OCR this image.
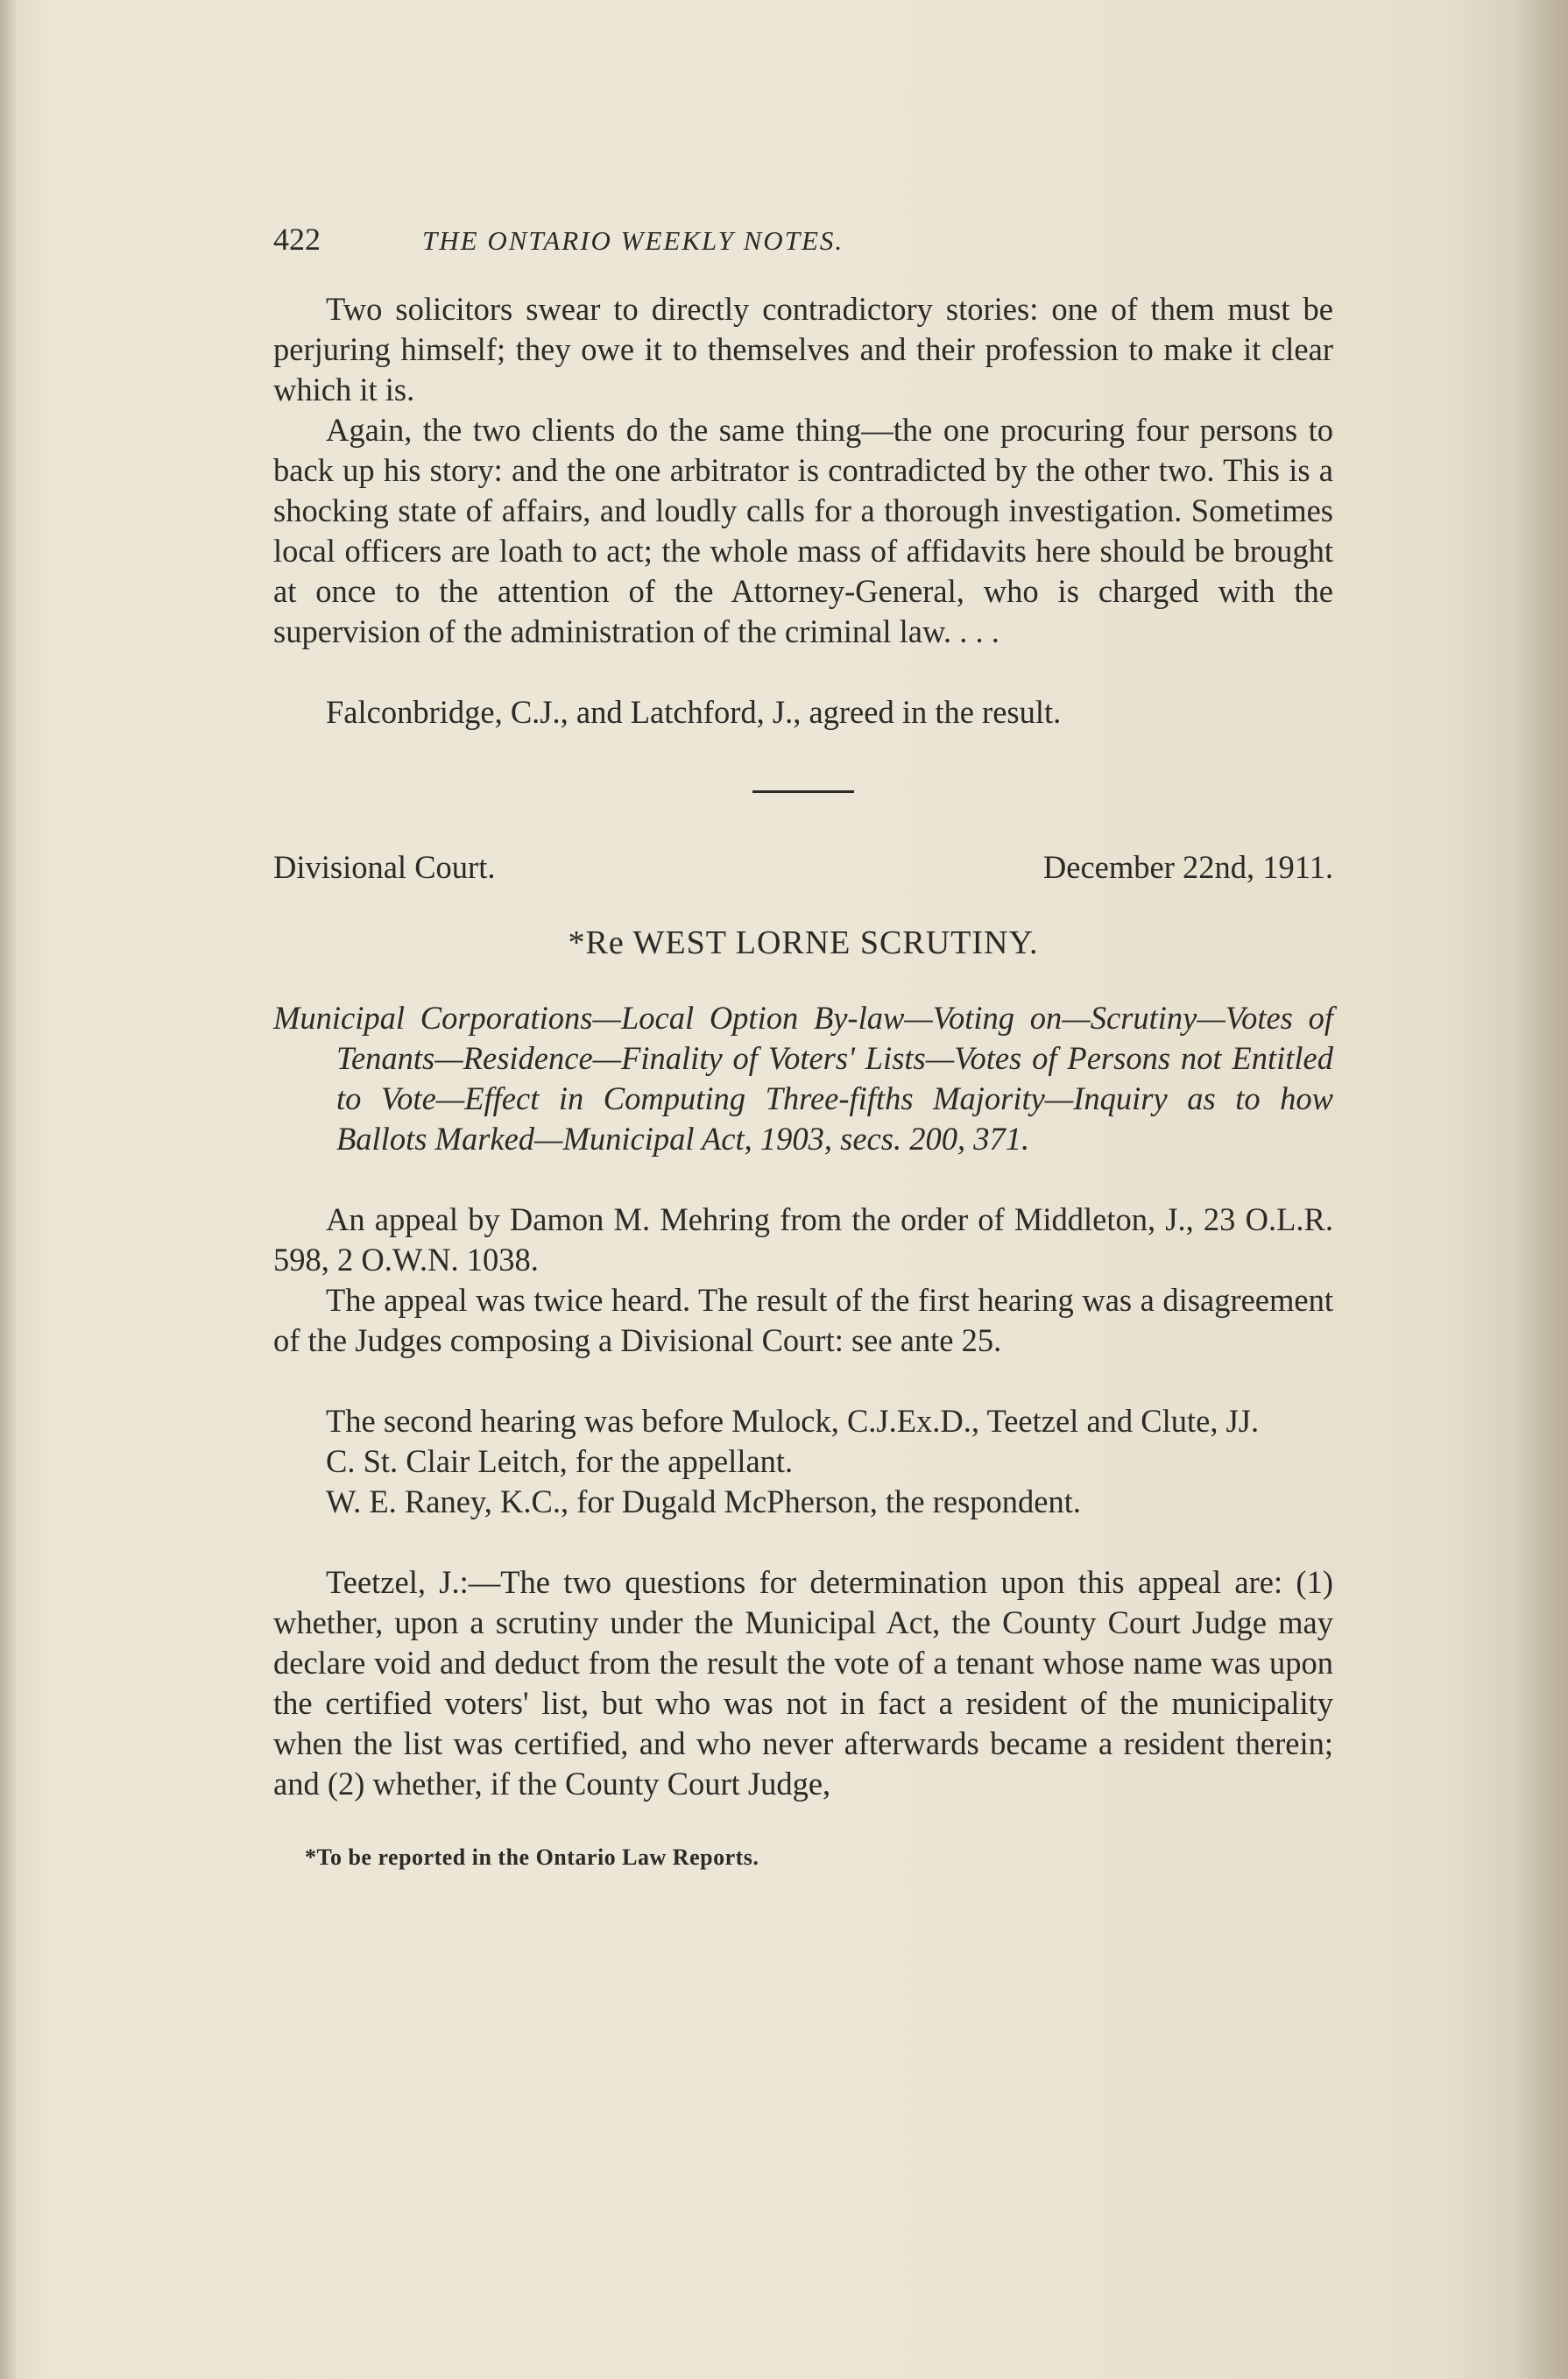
422	THE ONTARIO WEEKLY NOTES.

Two solicitors swear to directly contradictory stories: one of them must be perjuring himself; they owe it to themselves and their profession to make it clear which it is.

Again, the two clients do the same thing—the one procuring four persons to back up his story: and the one arbitrator is contradicted by the other two. This is a shocking state of affairs, and loudly calls for a thorough investigation. Sometimes local officers are loath to act; the whole mass of affidavits here should be brought at once to the attention of the Attorney-General, who is charged with the supervision of the administration of the criminal law. . . .

Falconbridge, C.J., and Latchford, J., agreed in the result.

Divisional Court.	December 22nd, 1911.
*Re WEST LORNE SCRUTINY.

Municipal Corporations—Local Option By-law—Voting on—Scrutiny—Votes of Tenants—Residence—Finality of Voters' Lists—Votes of Persons not Entitled to Vote—Effect in Computing Three-fifths Majority—Inquiry as to how Ballots Marked—Municipal Act, 1903, secs. 200, 371.

An appeal by Damon M. Mehring from the order of Middleton, J., 23 O.L.R. 598, 2 O.W.N. 1038.

The appeal was twice heard. The result of the first hearing was a disagreement of the Judges composing a Divisional Court: see ante 25.

The second hearing was before Mulock, C.J.Ex.D., Teetzel and Clute, JJ.

C. St. Clair Leitch, for the appellant.

W. E. Raney, K.C., for Dugald McPherson, the respondent.

Teetzel, J.:—The two questions for determination upon this appeal are: (1) whether, upon a scrutiny under the Municipal Act, the County Court Judge may declare void and deduct from the result the vote of a tenant whose name was upon the certified voters' list, but who was not in fact a resident of the municipality when the list was certified, and who never afterwards became a resident therein; and (2) whether, if the County Court Judge,

*To be reported in the Ontario Law Reports.
